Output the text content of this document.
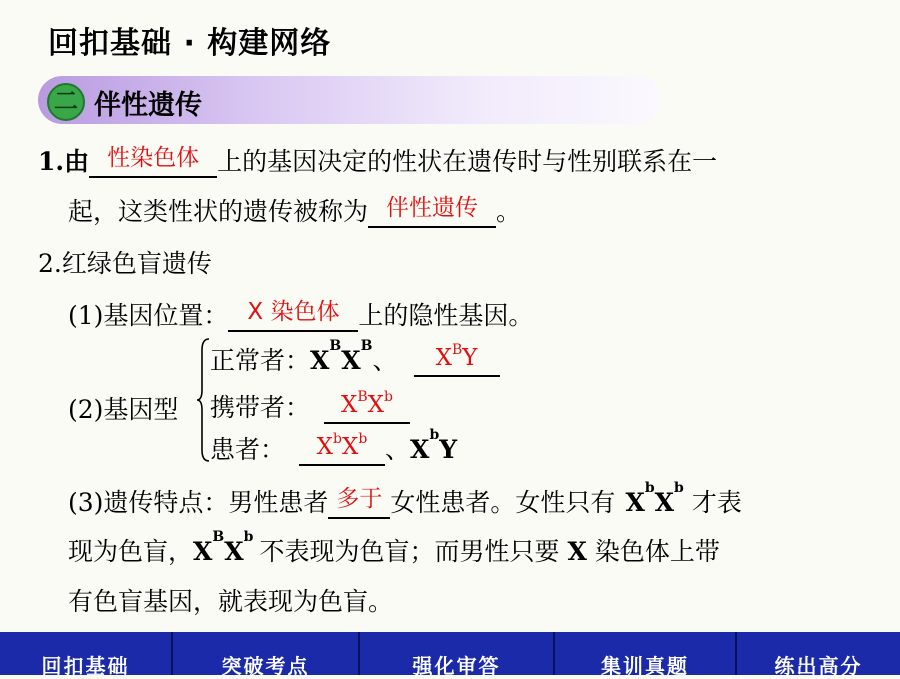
回扣基础 · 构建网络
二 伴性遗传
1.由 性染色体 上的基因决定的性状在遗传时与性别联系在一
起，这类性状的遗传被称为 伴性遗传 。
2.红绿色盲遗传
(1)基因位置： X 染色体 上的隐性基因。
(2)基因型
正常者：$X^BX^B$、	$X^BY$
携带者：	$X^BX^b$
患者：	$X^bX^b$ 、$X^bY$
(3)遗传特点：男性患者 多于 女性患者。女性只有 $X^bX^b$ 才表
现为色盲，$X^BX^b$ 不表现为色盲；而男性只要 X 染色体上带
有色盲基因，就表现为色盲。
回扣基础	突破考点	强化审答	集训真题	练出高分
